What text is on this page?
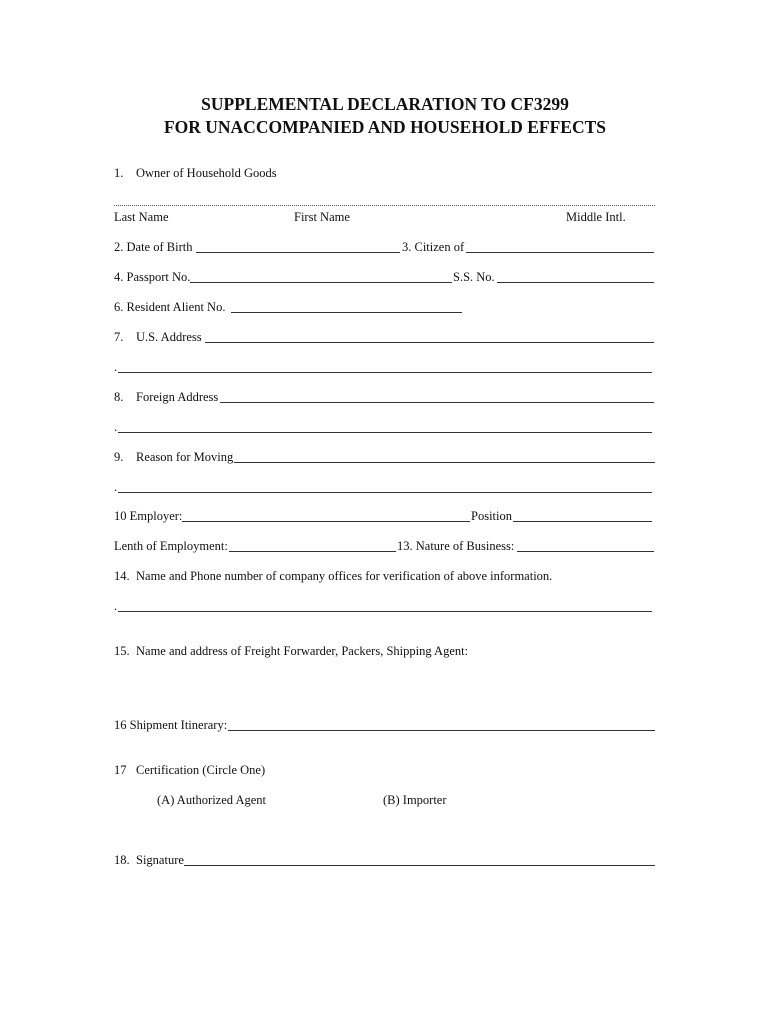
SUPPLEMENTAL DECLARATION TO CF3299
FOR UNACCOMPANIED AND HOUSEHOLD EFFECTS
1. Owner of Household Goods
Last Name	First Name	Middle Intl.
2. Date of Birth	3. Citizen of
4. Passport No.	S.S. No.
6. Resident Alient No.
7. U.S. Address
.
8. Foreign Address
.
9. Reason for Moving
.
10 Employer:	Position
Lenth of Employment:	13. Nature of Business:
14. Name and Phone number of company offices for verification of above information.
.
15. Name and address of Freight Forwarder, Packers, Shipping Agent:
16 Shipment Itinerary:
17 Certification (Circle One)
(A) Authorized Agent	(B) Importer
18. Signature
